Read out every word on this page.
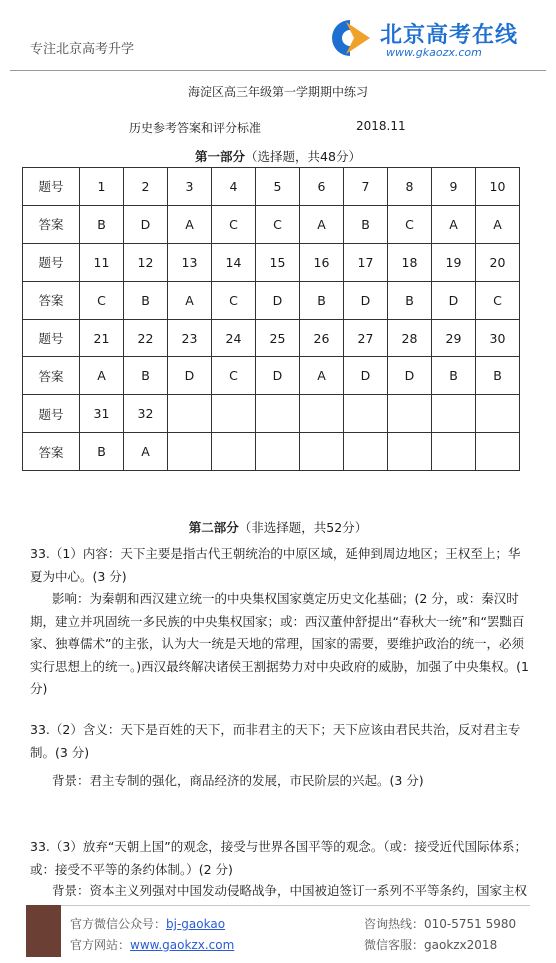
专注北京高考升学
北京高考在线
www.gkaozx.com
海淀区高三年级第一学期期中练习
历史参考答案和评分标准	2018.11
第一部分（选择题，共48分）
题号	1	2	3	4	5	6	7	8	9	10
答案	B	D	A	C	C	A	B	C	A	A
题号	11	12	13	14	15	16	17	18	19	20
答案	C	B	A	C	D	B	D	B	D	C
题号	21	22	23	24	25	26	27	28	29	30
答案	A	B	D	C	D	A	D	D	B	B
题号	31	32								
答案	B	A								
第二部分（非选择题，共52分）
33.（1）内容：天下主要是指古代王朝统治的中原区域，延伸到周边地区；王权至上；华夏为中心。(3 分)
影响：为秦朝和西汉建立统一的中央集权国家奠定历史文化基础；(2 分，或：秦汉时期，建立并巩固统一多民族的中央集权国家；或：西汉董仲舒提出“春秋大一统”和“罢黜百家、独尊儒术”的主张，认为大一统是天地的常理，国家的需要，要维护政治的统一，必须实行思想上的统一。)西汉最终解决诸侯王割据势力对中央政府的威胁，加强了中央集权。(1分)
33.（2）含义：天下是百姓的天下，而非君主的天下；天下应该由君民共治，反对君主专制。(3 分)
背景：君主专制的强化，商品经济的发展，市民阶层的兴起。(3 分)
33.（3）放弃“天朝上国”的观念，接受与世界各国平等的观念。（或：接受近代国际体系；或：接受不平等的条约体制。）(2 分)
背景：资本主义列强对中国发动侵略战争，中国被迫签订一系列不平等条约，国家主权
官方微信公众号：bj-gaokao
官方网站：www.gaokzx.com
咨询热线：010-5751 5980
微信客服：gaokzx2018
